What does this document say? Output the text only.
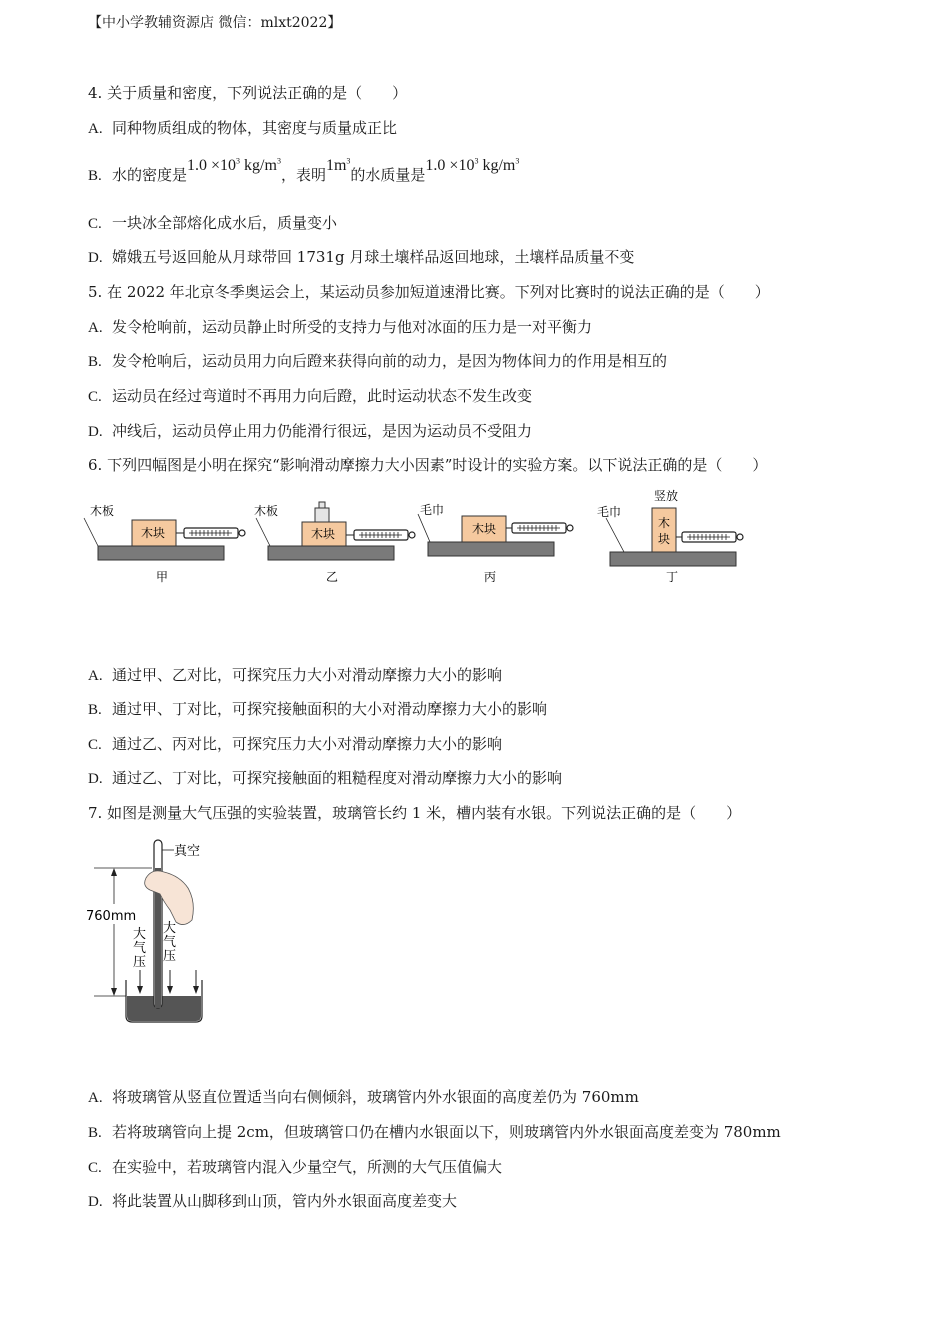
【中小学教辅资源店 微信：mlxt2022】
4. 关于质量和密度，下列说法正确的是（　　）
A. 同种物质组成的物体，其密度与质量成正比
B. 水的密度是$1.0 \times 10^3$ $kg/m^3$，表明$1m^3$的水质量是$1.0 \times 10^3$ $kg/m^3$
C. 一块冰全部熔化成水后，质量变小
D. 嫦娥五号返回舱从月球带回 1731g 月球土壤样品返回地球，土壤样品质量不变
5. 在 2022 年北京冬季奥运会上，某运动员参加短道速滑比赛。下列对比赛时的说法正确的是（　　）
A. 发令枪响前，运动员静止时所受的支持力与他对冰面的压力是一对平衡力
B. 发令枪响后，运动员用力向后蹬来获得向前的动力，是因为物体间力的作用是相互的
C. 运动员在经过弯道时不再用力向后蹬，此时运动状态不发生改变
D. 冲线后，运动员停止用力仍能滑行很远，是因为运动员不受阻力
6. 下列四幅图是小明在探究“影响滑动摩擦力大小因素”时设计的实验方案。以下说法正确的是（　　）
木板
木块
甲
木板
木块
乙
毛巾
木块
丙
毛巾
竖放
木
块
丁
A. 通过甲、乙对比，可探究压力大小对滑动摩擦力大小的影响
B. 通过甲、丁对比，可探究接触面积的大小对滑动摩擦力大小的影响
C. 通过乙、丙对比，可探究压力大小对滑动摩擦力大小的影响
D. 通过乙、丁对比，可探究接触面的粗糙程度对滑动摩擦力大小的影响
7. 如图是测量大气压强的实验装置，玻璃管长约 1 米，槽内装有水银。下列说法正确的是（　　）
真空
760mm
大
气
压
大
气
压
A. 将玻璃管从竖直位置适当向右侧倾斜，玻璃管内外水银面的高度差仍为 760mm
B. 若将玻璃管向上提 2cm，但玻璃管口仍在槽内水银面以下，则玻璃管内外水银面高度差变为 780mm
C. 在实验中，若玻璃管内混入少量空气，所测的大气压值偏大
D. 将此装置从山脚移到山顶，管内外水银面高度差变大
